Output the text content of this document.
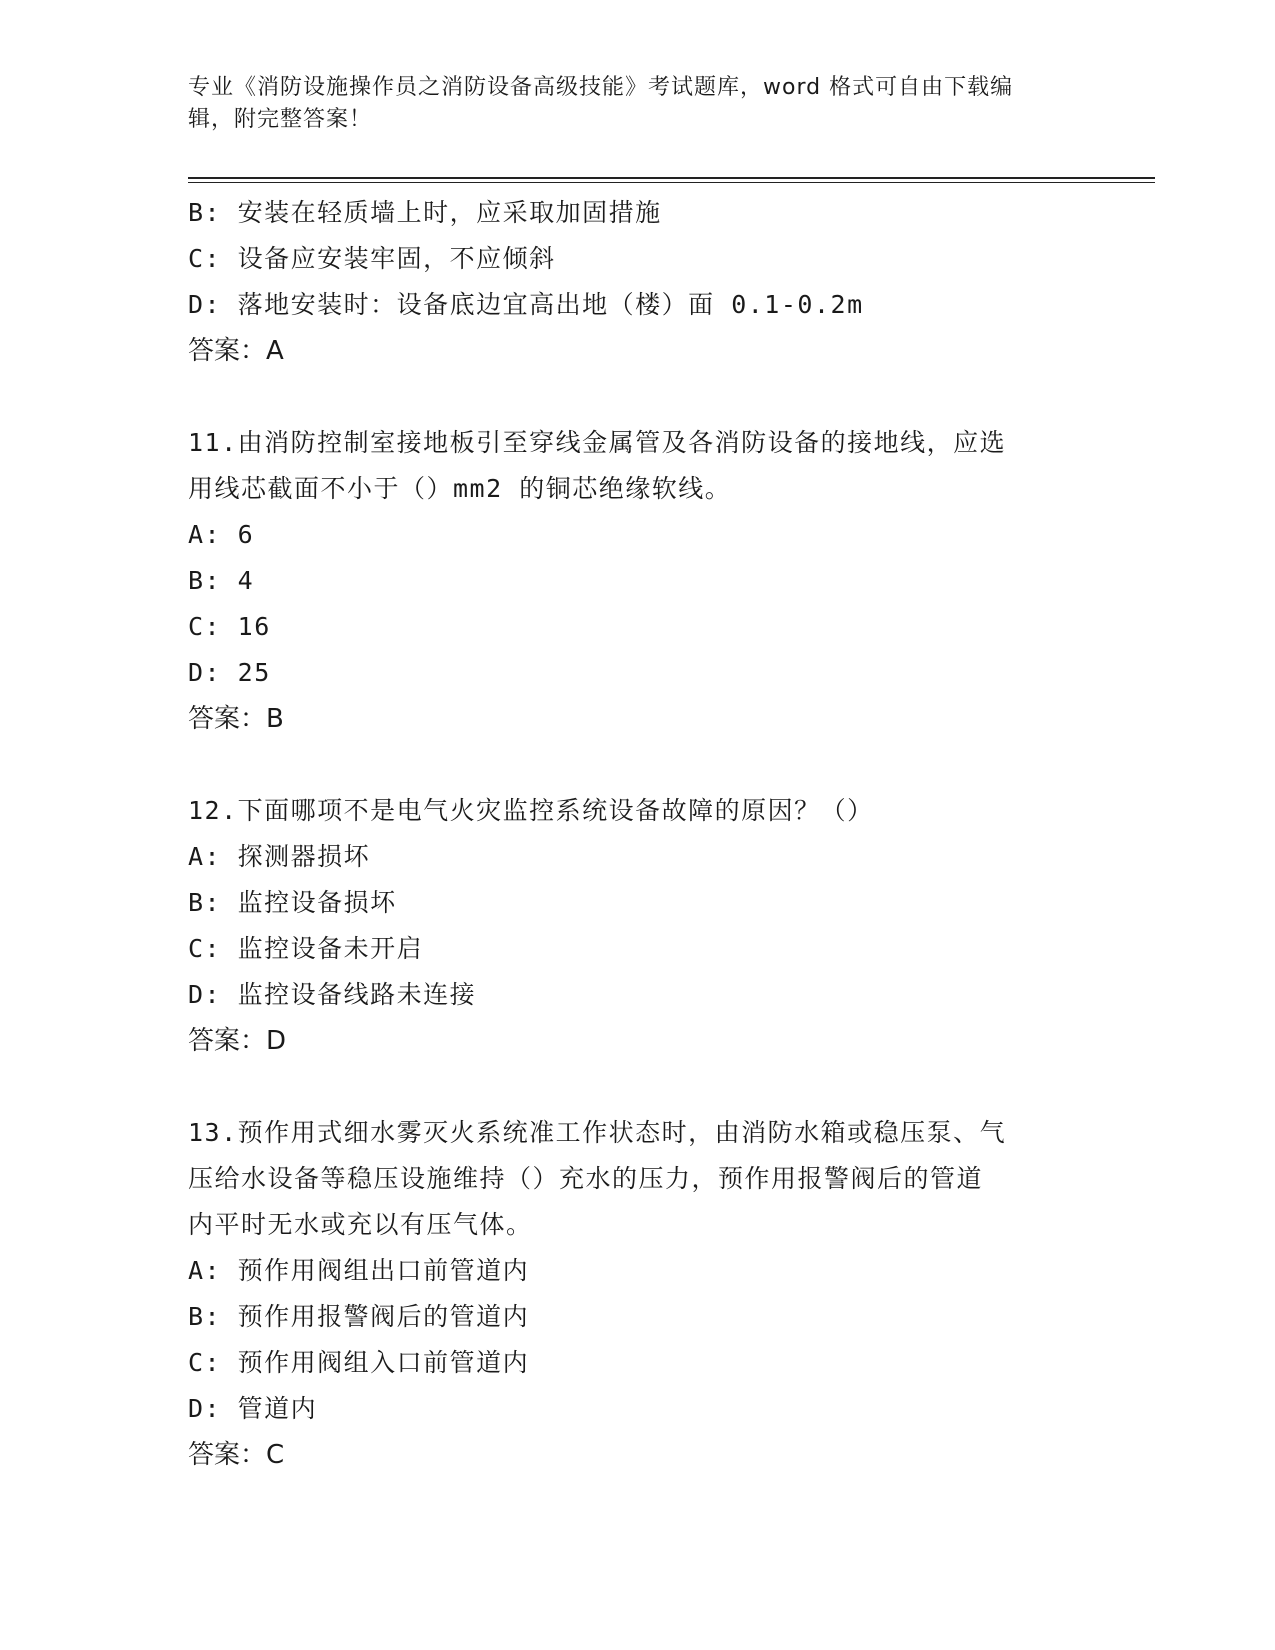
专业《消防设施操作员之消防设备高级技能》考试题库，word 格式可自由下载编
辑，附完整答案！
B: 安装在轻质墙上时，应采取加固措施
C: 设备应安装牢固，不应倾斜
D: 落地安装时：设备底边宜高出地（楼）面 0.1-0.2m
答案：A
11.由消防控制室接地板引至穿线金属管及各消防设备的接地线，应选
用线芯截面不小于（）mm2 的铜芯绝缘软线。
A: 6
B: 4
C: 16
D: 25
答案：B
12.下面哪项不是电气火灾监控系统设备故障的原因？（）
A: 探测器损坏
B: 监控设备损坏
C: 监控设备未开启
D: 监控设备线路未连接
答案：D
13.预作用式细水雾灭火系统准工作状态时，由消防水箱或稳压泵、气
压给水设备等稳压设施维持（）充水的压力，预作用报警阀后的管道
内平时无水或充以有压气体。
A: 预作用阀组出口前管道内
B: 预作用报警阀后的管道内
C: 预作用阀组入口前管道内
D: 管道内
答案：C
